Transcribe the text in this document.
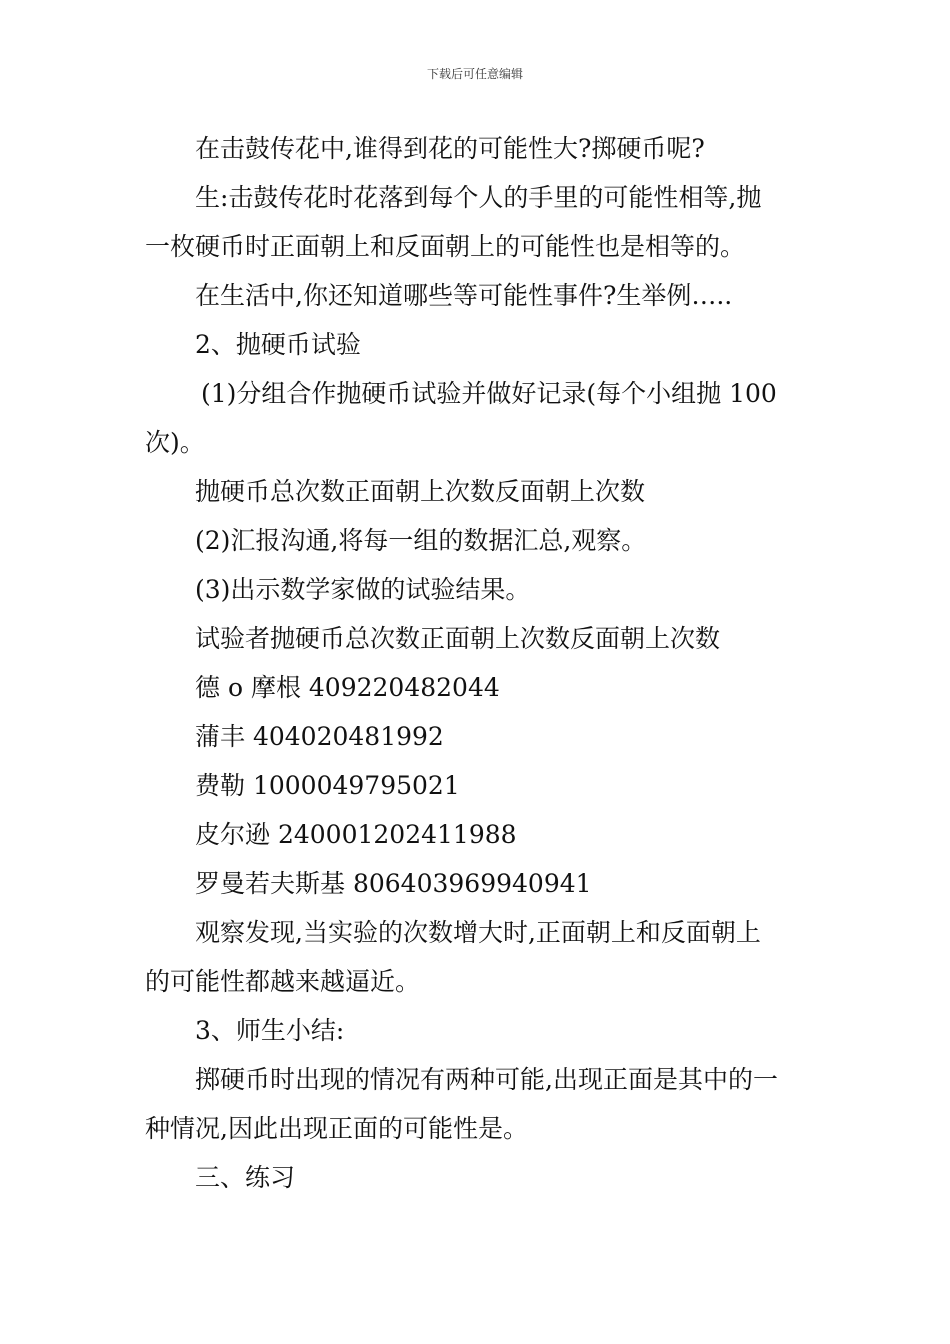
下载后可任意编辑

在击鼓传花中,谁得到花的可能性大?掷硬币呢?

生:击鼓传花时花落到每个人的手里的可能性相等,抛

一枚硬币时正面朝上和反面朝上的可能性也是相等的。

在生活中,你还知道哪些等可能性事件?生举例…..

2、抛硬币试验

(1)分组合作抛硬币试验并做好记录(每个小组抛 100

次)。

抛硬币总次数正面朝上次数反面朝上次数

(2)汇报沟通,将每一组的数据汇总,观察。

(3)出示数学家做的试验结果。

试验者抛硬币总次数正面朝上次数反面朝上次数

德 o 摩根 409220482044

蒲丰 404020481992

费勒 1000049795021

皮尔逊 240001202411988

罗曼若夫斯基 806403969940941

观察发现,当实验的次数增大时,正面朝上和反面朝上

的可能性都越来越逼近。

3、师生小结:

掷硬币时出现的情况有两种可能,出现正面是其中的一

种情况,因此出现正面的可能性是。

三、练习
